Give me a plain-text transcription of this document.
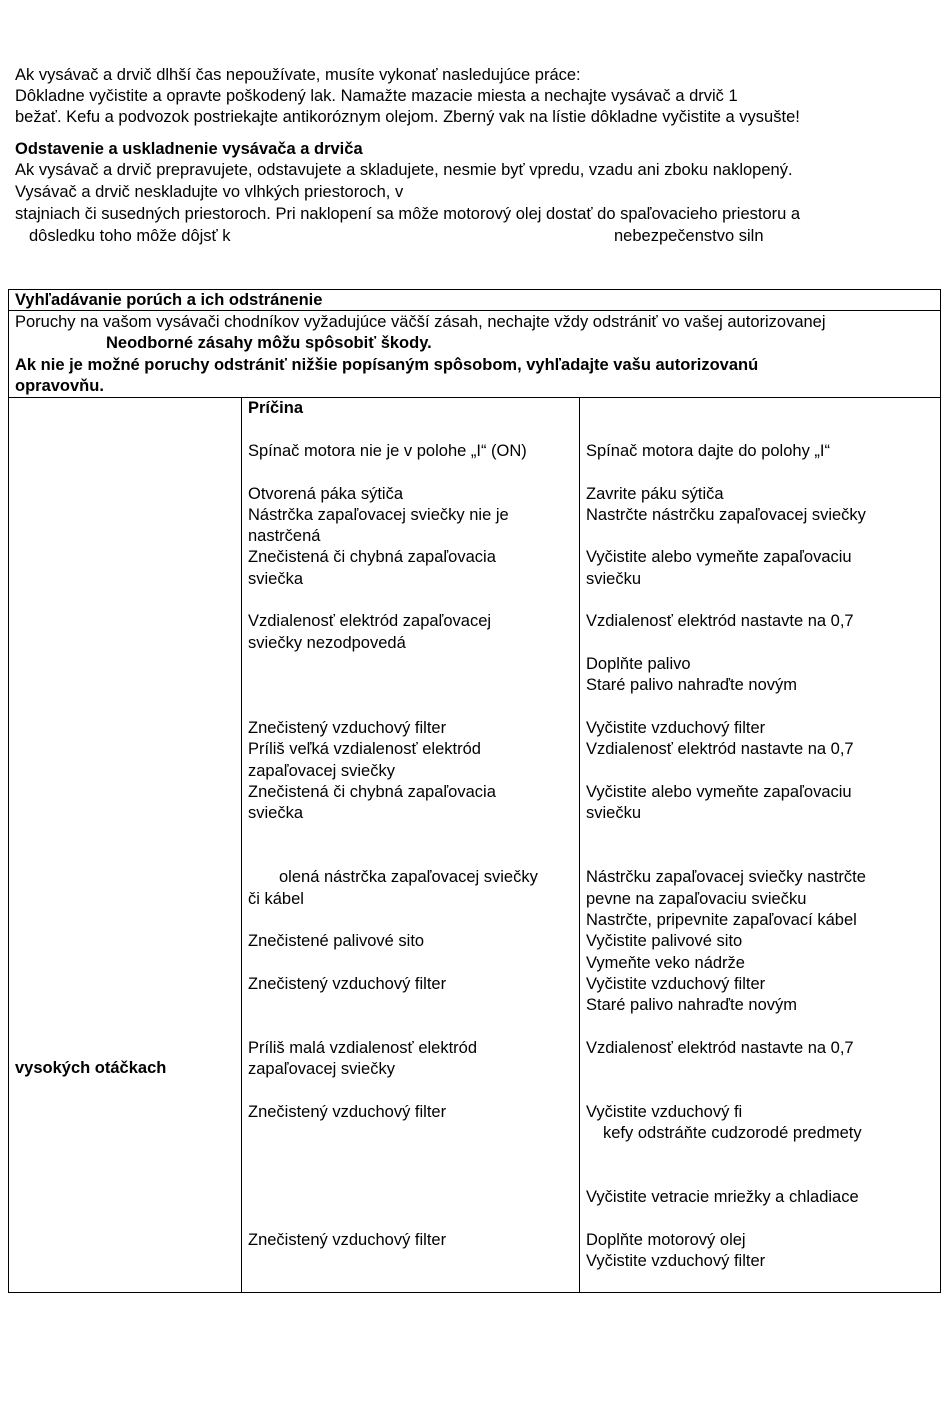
Ak vysávač a drvič dlhší čas nepoužívate, musíte vykonať nasledujúce práce:
Dôkladne vyčistite a opravte poškodený lak. Namažte mazacie miesta a nechajte vysávač a drvič 1
bežať. Kefu a podvozok postriekajte antikoróznym olejom. Zberný vak na lístie dôkladne vyčistite a vysušte!
Odstavenie a uskladnenie vysávača a drviča
Ak vysávač a drvič prepravujete, odstavujete a skladujete, nesmie byť vpredu, vzadu ani zboku naklopený.
Vysávač a drvič neskladujte vo vlhkých priestoroch, v
stajniach či susedných priestoroch. Pri naklopení sa môže motorový olej dostať do spaľovacieho priestoru a
dôsledku toho môže dôjsť k	nebezpečenstvo siln
Vyhľadávanie porúch a ich odstránenie
Poruchy na vašom vysávači chodníkov vyžadujúce väčší zásah, nechajte vždy odstrániť vo vašej autorizovanej
Neodborné zásahy môžu spôsobiť škody.
Ak nie je možné poruchy odstrániť nižšie popísaným spôsobom, vyhľadajte vašu autorizovanú
opravovňu.
vysokých otáčkach
Príčina
Spínač motora nie je v polohe „I“ (ON)
Otvorená páka sýtiča
Nástrčka zapaľovacej sviečky nie je
nastrčená
Znečistená či chybná zapaľovacia
sviečka
Vzdialenosť elektród zapaľovacej
sviečky nezodpovedá
Znečistený vzduchový filter
Príliš veľká vzdialenosť elektród
zapaľovacej sviečky
Znečistená či chybná zapaľovacia
sviečka
olená nástrčka zapaľovacej sviečky
či kábel
Znečistené palivové sito
Znečistený vzduchový filter
Príliš malá vzdialenosť elektród
zapaľovacej sviečky
Znečistený vzduchový filter
Znečistený vzduchový filter
Spínač motora dajte do polohy „I“
Zavrite páku sýtiča
Nastrčte nástrčku zapaľovacej sviečky
Vyčistite alebo vymeňte zapaľovaciu
sviečku
Vzdialenosť elektród nastavte na 0,7
Doplňte palivo
Staré palivo nahraďte novým
Vyčistite vzduchový filter
Vzdialenosť elektród nastavte na 0,7
Vyčistite alebo vymeňte zapaľovaciu
sviečku
Nástrčku zapaľovacej sviečky nastrčte
pevne na zapaľovaciu sviečku
Nastrčte, pripevnite zapaľovací kábel
Vyčistite palivové sito
Vymeňte veko nádrže
Vyčistite vzduchový filter
Staré palivo nahraďte novým
Vzdialenosť elektród nastavte na 0,7
Vyčistite vzduchový fi
kefy odstráňte cudzorodé predmety
Vyčistite vetracie mriežky a chladiace
Doplňte motorový olej
Vyčistite vzduchový filter
